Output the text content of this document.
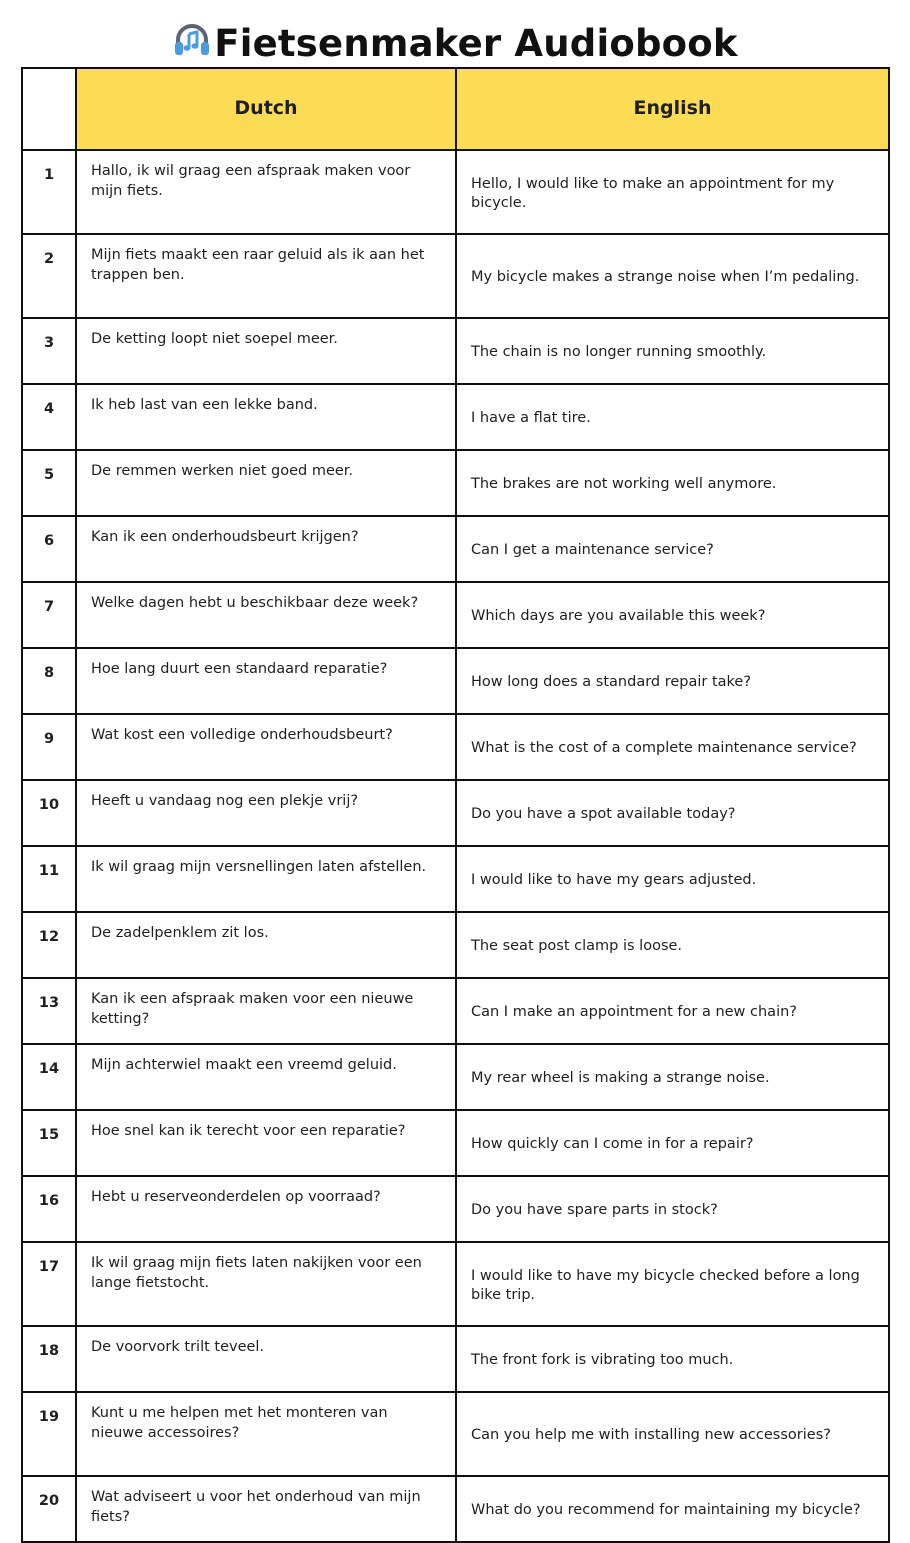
Fietsenmaker Audiobook
	Dutch	English
1	Hallo, ik wil graag een afspraak maken voor mijn fiets.	Hello, I would like to make an appointment for my bicycle.
2	Mijn fiets maakt een raar geluid als ik aan het trappen ben.	My bicycle makes a strange noise when I’m pedaling.
3	De ketting loopt niet soepel meer.	The chain is no longer running smoothly.
4	Ik heb last van een lekke band.	I have a flat tire.
5	De remmen werken niet goed meer.	The brakes are not working well anymore.
6	Kan ik een onderhoudsbeurt krijgen?	Can I get a maintenance service?
7	Welke dagen hebt u beschikbaar deze week?	Which days are you available this week?
8	Hoe lang duurt een standaard reparatie?	How long does a standard repair take?
9	Wat kost een volledige onderhoudsbeurt?	What is the cost of a complete maintenance service?
10	Heeft u vandaag nog een plekje vrij?	Do you have a spot available today?
11	Ik wil graag mijn versnellingen laten afstellen.	I would like to have my gears adjusted.
12	De zadelpenklem zit los.	The seat post clamp is loose.
13	Kan ik een afspraak maken voor een nieuwe ketting?	Can I make an appointment for a new chain?
14	Mijn achterwiel maakt een vreemd geluid.	My rear wheel is making a strange noise.
15	Hoe snel kan ik terecht voor een reparatie?	How quickly can I come in for a repair?
16	Hebt u reserveonderdelen op voorraad?	Do you have spare parts in stock?
17	Ik wil graag mijn fiets laten nakijken voor een lange fietstocht.	I would like to have my bicycle checked before a long bike trip.
18	De voorvork trilt teveel.	The front fork is vibrating too much.
19	Kunt u me helpen met het monteren van nieuwe accessoires?	Can you help me with installing new accessories?
20	Wat adviseert u voor het onderhoud van mijn fiets?	What do you recommend for maintaining my bicycle?
